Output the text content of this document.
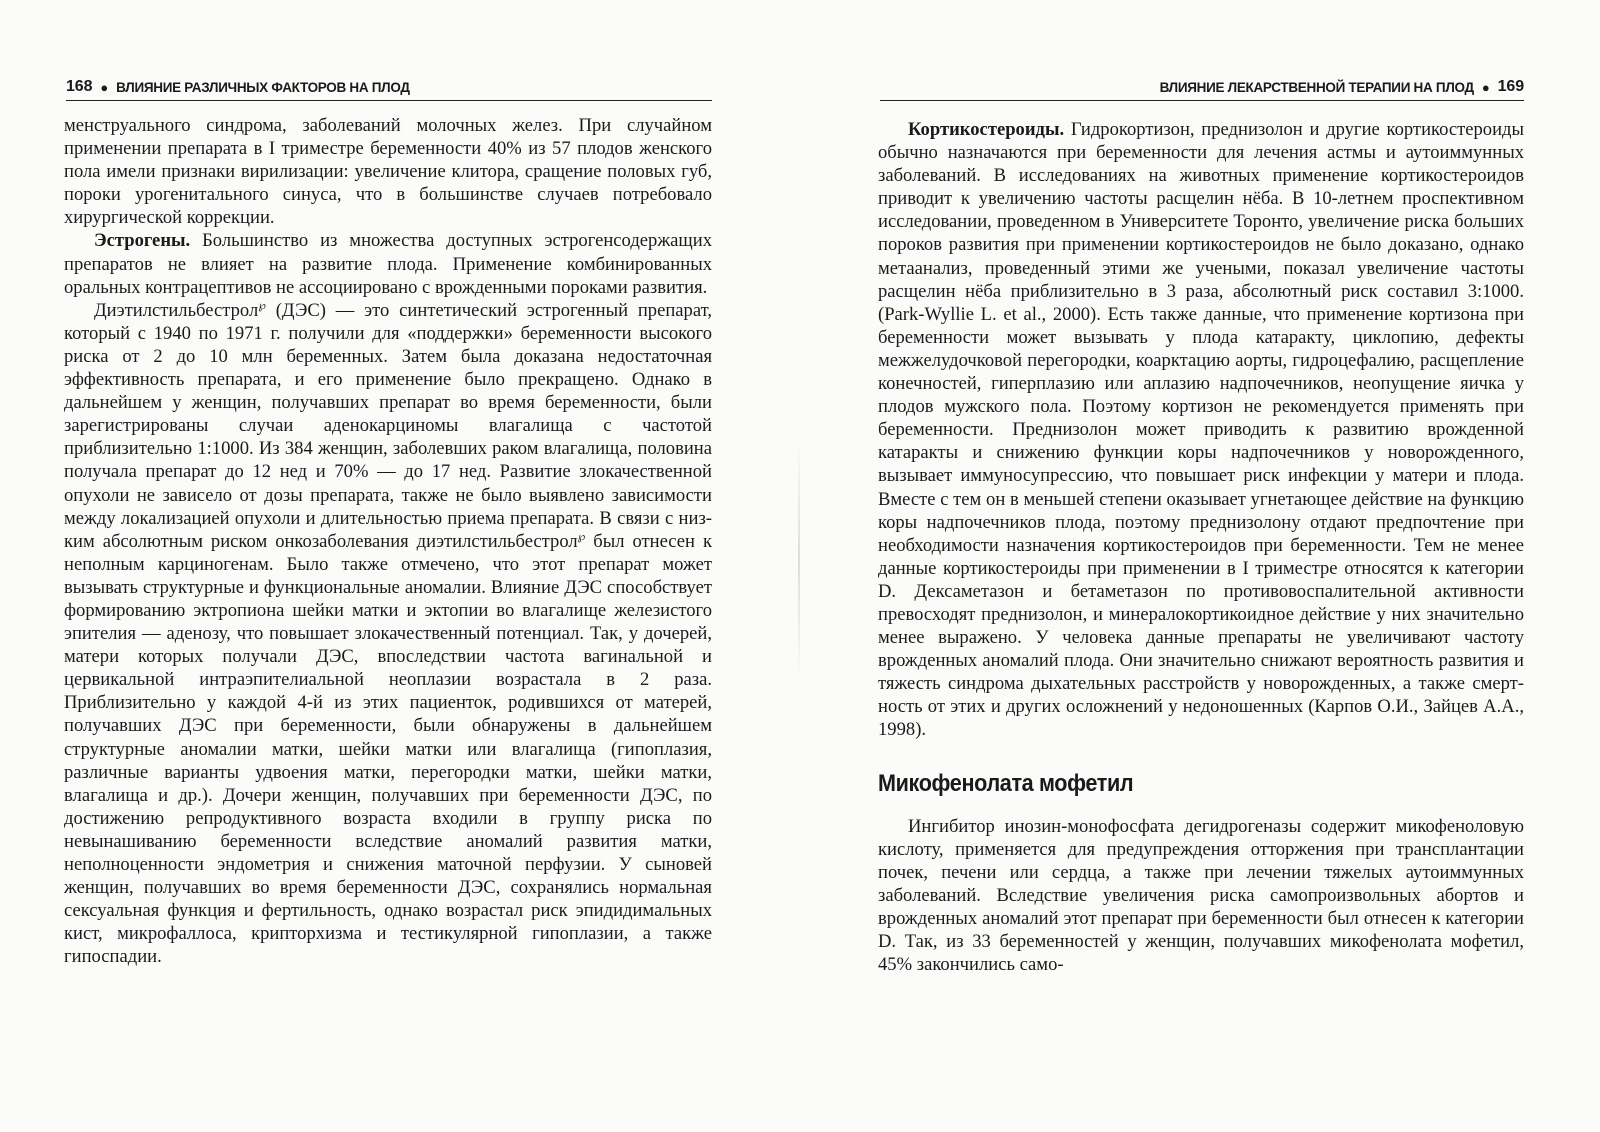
168 ● ВЛИЯНИЕ РАЗЛИЧНЫХ ФАКТОРОВ НА ПЛОД

менструального синдрома, заболеваний молочных желез. При случайном применении препарата в I триместре беременности 40% из 57 плодов женского пола имели признаки вирилизации: увеличение клитора, сращение половых губ, пороки урогенитального синуса, что в большинстве случаев потребовало хирургической коррекции.

Эстрогены. Большинство из множества доступных эстрогенсодержащих препаратов не влияет на развитие плода. Применение комбинированных оральных контрацептивов не ассоциировано с врожденными пороками развития.

Диэтилстильбестрол℘ (ДЭС) — это синтетический эстрогенный препарат, который с 1940 по 1971 г. получили для «поддержки» беременности высокого риска от 2 до 10 млн беременных. Затем была доказана недостаточная эффективность препарата, и его применение было прекращено. Однако в дальнейшем у женщин, получавших препарат во время беременности, были зарегистрированы случаи аденокарциномы влагалища с частотой приблизительно 1:1000. Из 384 женщин, заболевших раком влагалища, половина получала препарат до 12 нед и 70% — до 17 нед. Развитие злокачественной опухоли не зависело от дозы препарата, также не было выявлено зависимости между локализацией опухоли и длительностью приема препарата. В связи с низким абсолютным риском онкозаболевания диэтилстильбестрол℘ был отнесен к неполным карциногенам. Было также отмечено, что этот препарат может вызывать структурные и функциональные аномалии. Влияние ДЭС способствует формированию эктропиона шейки матки и эктопии во влагалище железистого эпителия — аденозу, что повышает злокачественный потенциал. Так, у дочерей, матери которых получали ДЭС, впоследствии частота вагинальной и цервикальной интраэпителиальной неоплазии возрастала в 2 раза. Приблизительно у каждой 4-й из этих пациенток, родившихся от матерей, получавших ДЭС при беременности, были обнаружены в дальнейшем структурные аномалии матки, шейки матки или влагалища (гипоплазия, различные варианты удвоения матки, перегородки матки, шейки матки, влагалища и др.). Дочери женщин, получавших при беременности ДЭС, по достижению репродуктивного возраста входили в группу риска по невынашиванию беременности вследствие аномалий развития матки, неполноценности эндометрия и снижения маточной перфузии. У сыновей женщин, получавших во время беременности ДЭС, сохранялись нормальная сексуальная функция и фертильность, однако возрастал риск эпидидимальных кист, микрофаллоса, крипторхизма и тестикулярной гипоплазии, а также гипоспадии.

ВЛИЯНИЕ ЛЕКАРСТВЕННОЙ ТЕРАПИИ НА ПЛОД ● 169

Кортикостероиды. Гидрокортизон, преднизолон и другие кортикостероиды обычно назначаются при беременности для лечения астмы и аутоиммунных заболеваний. В исследованиях на животных применение кортикостероидов приводит к увеличению частоты расщелин нёба. В 10-летнем проспективном исследовании, проведенном в Университете Торонто, увеличение риска больших пороков развития при применении кортикостероидов не было доказано, однако метаанализ, проведенный этими же учеными, показал увеличение частоты расщелин нёба приблизительно в 3 раза, абсолютный риск составил 3:1000. (Park-Wyllie L. et al., 2000). Есть также данные, что применение кортизона при беременности может вызывать у плода катаракту, циклопию, дефекты межжелудочковой перегородки, коарктацию аорты, гидроцефалию, расщепление конечностей, гиперплазию или аплазию надпочечников, неопущение яичка у плодов мужского пола. Поэтому кортизон не рекомендуется применять при беременности. Преднизолон может приводить к развитию врожденной катаракты и снижению функции коры надпочечников у новорожденного, вызывает иммуносупрессию, что повышает риск инфекции у матери и плода. Вместе с тем он в меньшей степени оказывает угнетающее действие на функцию коры надпочечников плода, поэтому преднизолону отдают предпочтение при необходимости назначения кортикостероидов при беременности. Тем не менее данные кортикостероиды при применении в I триместре относятся к категории D. Дексаметазон и бетаметазон по противовоспалительной активности превосходят преднизолон, и минералокортикоидное действие у них значительно менее выражено. У человека данные препараты не увеличивают частоту врожденных аномалий плода. Они значительно снижают вероятность развития и тяжесть синдрома дыхательных расстройств у новорожденных, а также смертность от этих и других осложнений у недоношенных (Карпов О.И., Зайцев А.А., 1998).

Микофенолата мофетил

Ингибитор инозин-монофосфата дегидрогеназы содержит микофеноловую кислоту, применяется для предупреждения отторжения при трансплантации почек, печени или сердца, а также при лечении тяжелых аутоиммунных заболеваний. Вследствие увеличения риска самопроизвольных абортов и врожденных аномалий этот препарат при беременности был отнесен к категории D. Так, из 33 беременностей у женщин, получавших микофенолата мофетил, 45% закончились само-
